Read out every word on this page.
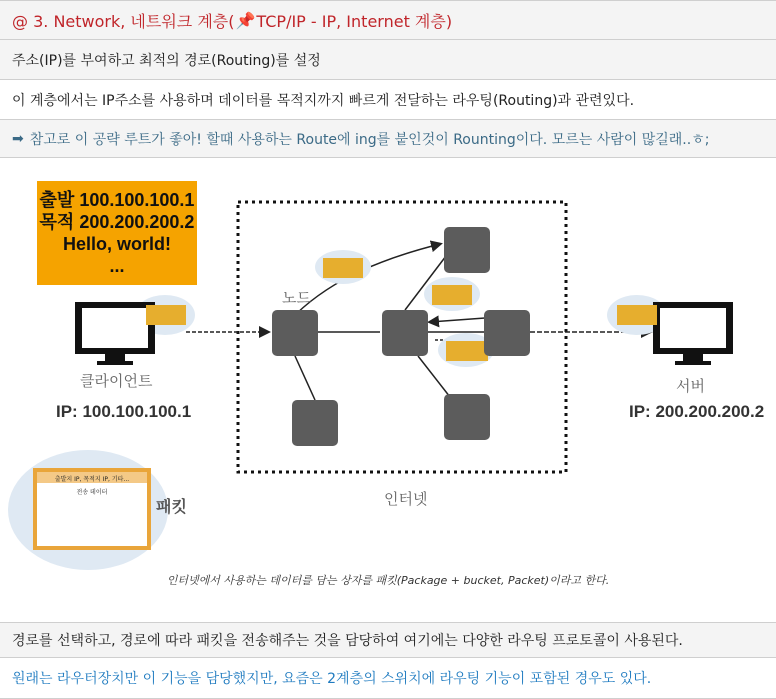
@ 3. Network, 네트워크 계층( 📌 TCP/IP - IP, Internet 계층)
주소(IP)를 부여하고 최적의 경로(Routing)를 설정
이 계층에서는 IP주소를 사용하며 데이터를 목적지까지 빠르게 전달하는 라우팅(Routing)과 관련있다.
➡ 참고로 이 공략 루트가 좋아! 할때 사용하는 Route에 ing를 붙인것이 Rounting이다. 모르는 사람이 많길래..ㅎ;
출발 100.100.100.1
목적 200.200.200.2
Hello, world!
...
클라이언트
IP: 100.100.100.1
노드
인터넷
서버
IP: 200.200.200.2
패킷
출발지 IP, 목적지 IP, 기타...
전송 데이터
인터넷에서 사용하는 데이터를 담는 상자를 패킷(Package + bucket, Packet)이라고 한다.
경로를 선택하고, 경로에 따라 패킷을 전송해주는 것을 담당하여 여기에는 다양한 라우팅 프로토콜이 사용된다.
원래는 라우터장치만 이 기능을 담당했지만, 요즘은 2계층의 스위치에 라우팅 기능이 포함된 경우도 있다.
